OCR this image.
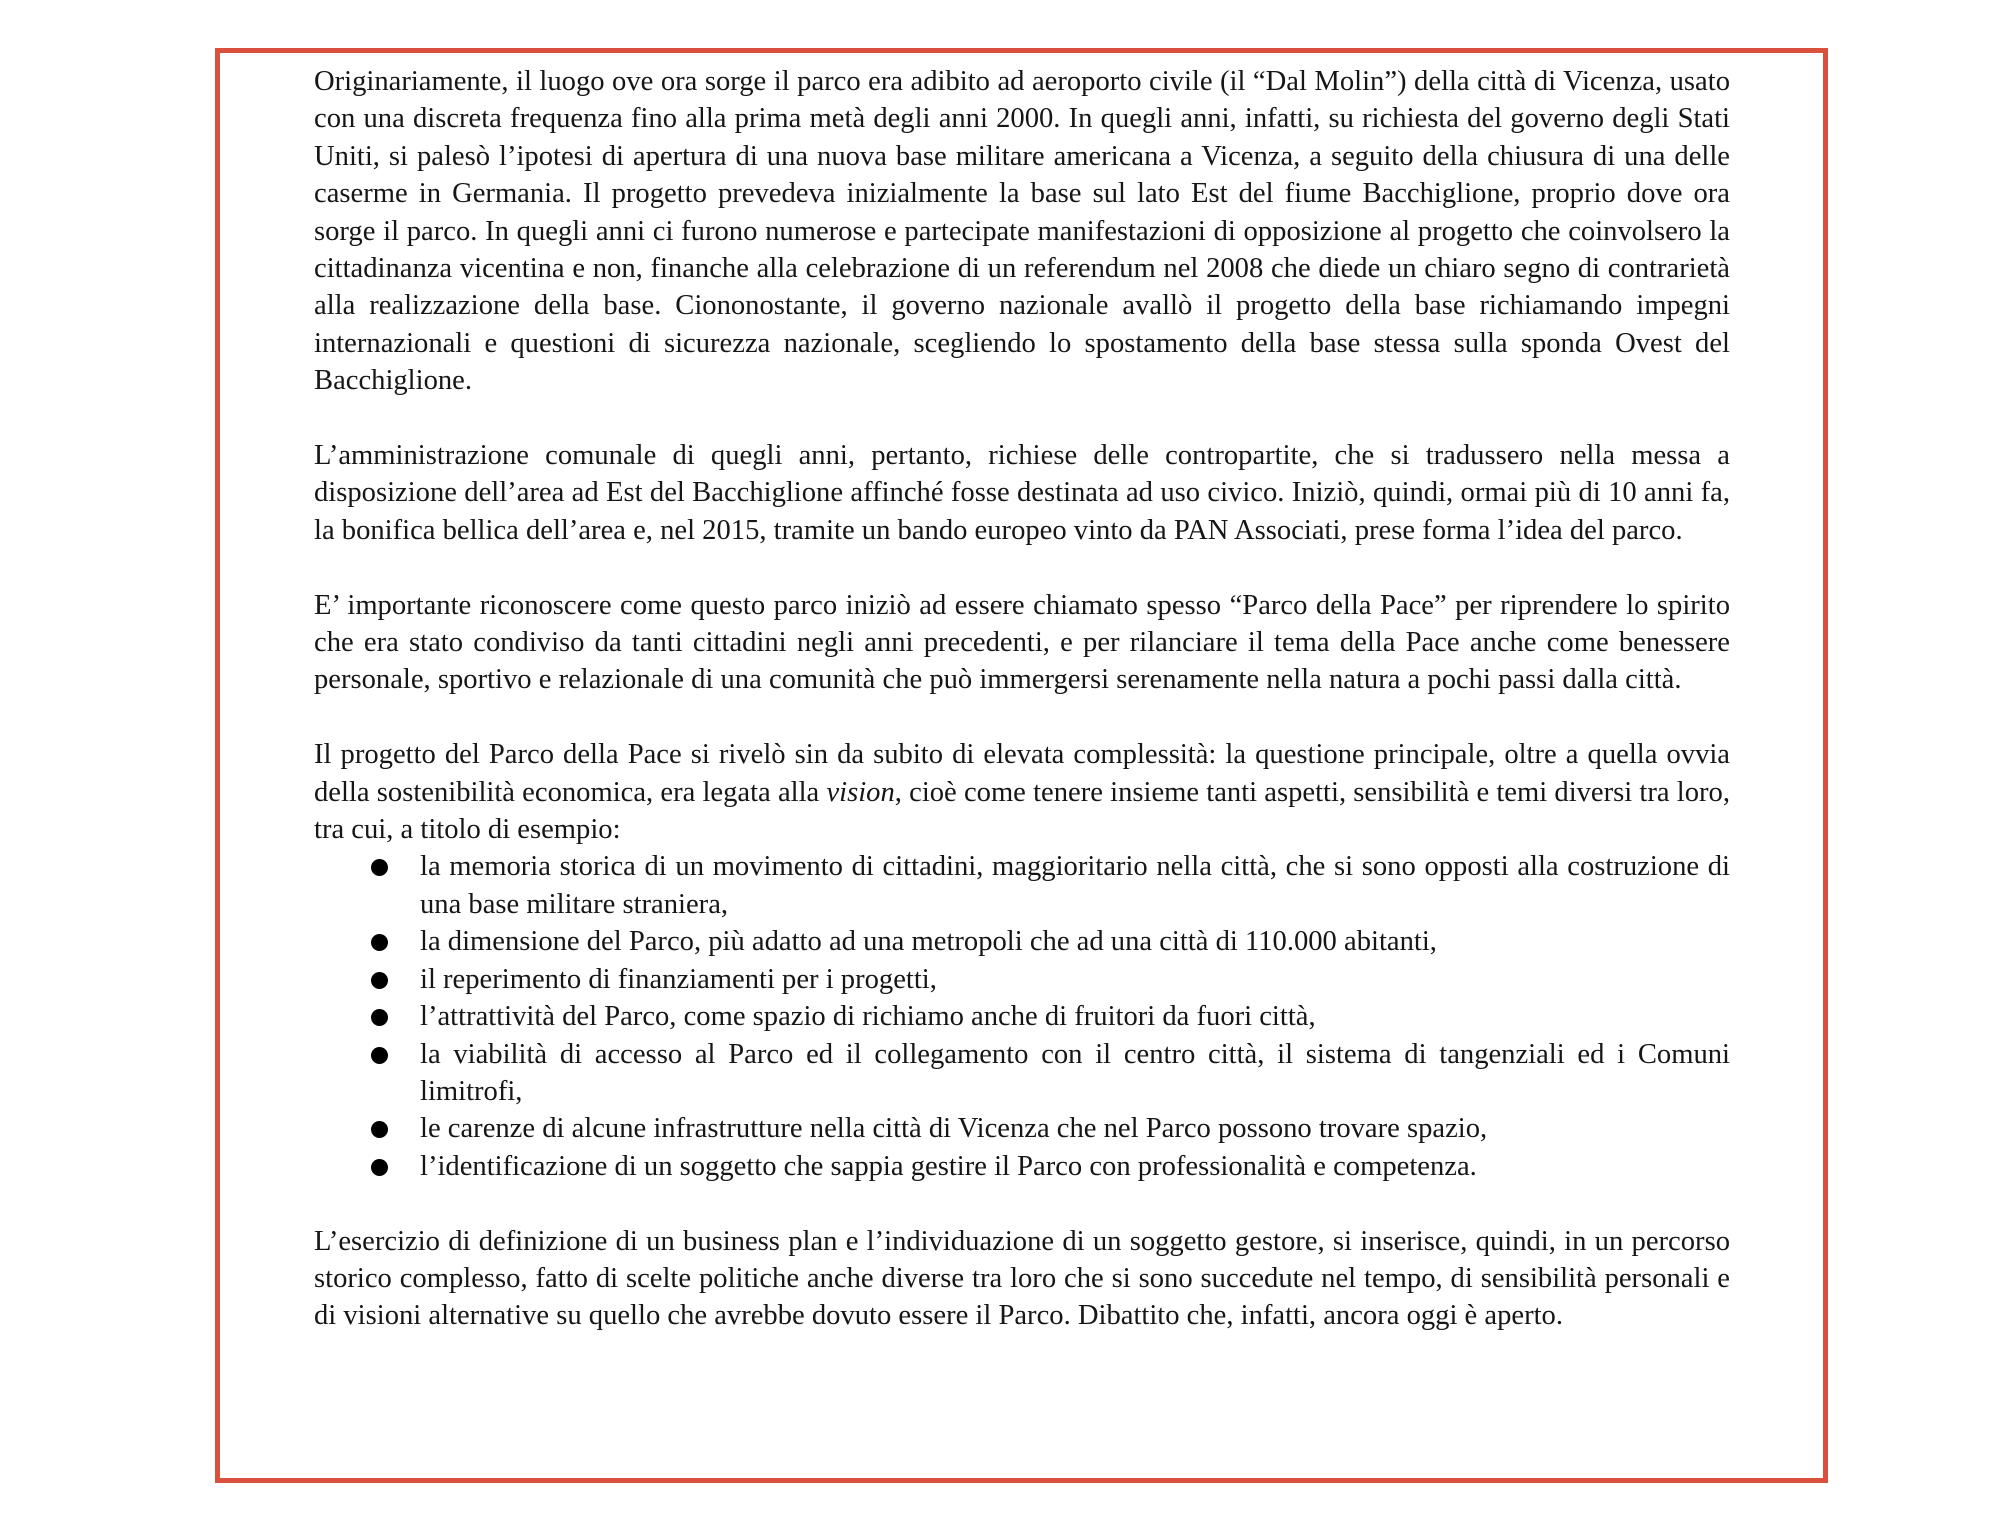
Originariamente, il luogo ove ora sorge il parco era adibito ad aeroporto civile (il “Dal Molin”) della città di Vicenza, usato con una discreta frequenza fino alla prima metà degli anni 2000. In quegli anni, infatti, su richiesta del governo degli Stati Uniti, si palesò l’ipotesi di apertura di una nuova base militare americana a Vicenza, a seguito della chiusura di una delle caserme in Germania. Il progetto prevedeva inizialmente la base sul lato Est del fiume Bacchiglione, proprio dove ora sorge il parco. In quegli anni ci furono numerose e partecipate manifestazioni di opposizione al progetto che coinvolsero la cittadinanza vicentina e non, finanche alla celebrazione di un referendum nel 2008 che diede un chiaro segno di contrarietà alla realizzazione della base. Ciononostante, il governo nazionale avallò il progetto della base richiamando impegni internazionali e questioni di sicurezza nazionale, scegliendo lo spostamento della base stessa sulla sponda Ovest del Bacchiglione.

L’amministrazione comunale di quegli anni, pertanto, richiese delle contropartite, che si tradussero nella messa a disposizione dell’area ad Est del Bacchiglione affinché fosse destinata ad uso civico. Iniziò, quindi, ormai più di 10 anni fa, la bonifica bellica dell’area e, nel 2015, tramite un bando europeo vinto da PAN Associati, prese forma l’idea del parco.

E’ importante riconoscere come questo parco iniziò ad essere chiamato spesso “Parco della Pace” per riprendere lo spirito che era stato condiviso da tanti cittadini negli anni precedenti, e per rilanciare il tema della Pace anche come benessere personale, sportivo e relazionale di una comunità che può immergersi serenamente nella natura a pochi passi dalla città.

Il progetto del Parco della Pace si rivelò sin da subito di elevata complessità: la questione principale, oltre a quella ovvia della sostenibilità economica, era legata alla vision, cioè come tenere insieme tanti aspetti, sensibilità e temi diversi tra loro, tra cui, a titolo di esempio:

la memoria storica di un movimento di cittadini, maggioritario nella città, che si sono opposti alla costruzione di una base militare straniera,
la dimensione del Parco, più adatto ad una metropoli che ad una città di 110.000 abitanti,
il reperimento di finanziamenti per i progetti,
l’attrattività del Parco, come spazio di richiamo anche di fruitori da fuori città,
la viabilità di accesso al Parco ed il collegamento con il centro città, il sistema di tangenziali ed i Comuni limitrofi,
le carenze di alcune infrastrutture nella città di Vicenza che nel Parco possono trovare spazio,
l’identificazione di un soggetto che sappia gestire il Parco con professionalità e competenza.

L’esercizio di definizione di un business plan e l’individuazione di un soggetto gestore, si inserisce, quindi, in un percorso storico complesso, fatto di scelte politiche anche diverse tra loro che si sono succedute nel tempo, di sensibilità personali e di visioni alternative su quello che avrebbe dovuto essere il Parco. Dibattito che, infatti, ancora oggi è aperto.
